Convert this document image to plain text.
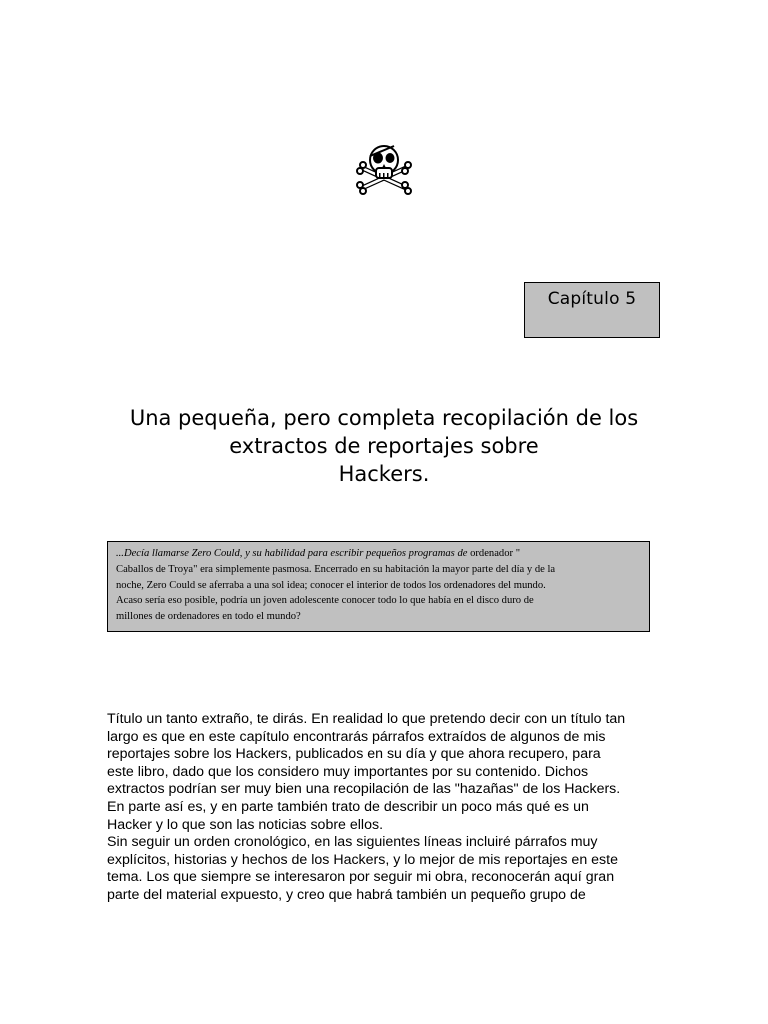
Capítulo 5
Una pequeña, pero completa recopilación de los
extractos de reportajes sobre
Hackers.
...Decía llamarse Zero Could, y su habilidad para escribir pequeños programas de ordenador "
Caballos de Troya" era simplemente pasmosa. Encerrado en su habitación la mayor parte del día y de la
noche, Zero Could se aferraba a una sol idea; conocer el interior de todos los ordenadores del mundo.
Acaso sería eso posible, podría un joven adolescente conocer todo lo que había en el disco duro de
millones de ordenadores en todo el mundo?
Título un tanto extraño, te dirás. En realidad lo que pretendo decir con un título tan
largo es que en este capítulo encontrarás párrafos extraídos de algunos de mis
reportajes sobre los Hackers, publicados en su día y que ahora recupero, para
este libro, dado que los considero muy importantes por su contenido. Dichos
extractos podrían ser muy bien una recopilación de las "hazañas" de los Hackers.
En parte así es, y en parte también trato de describir un poco más qué es un
Hacker y lo que son las noticias sobre ellos.
Sin seguir un orden cronológico, en las siguientes líneas incluiré párrafos muy
explícitos, historias y hechos de los Hackers, y lo mejor de mis reportajes en este
tema. Los que siempre se interesaron por seguir mi obra, reconocerán aquí gran
parte del material expuesto, y creo que habrá también un pequeño grupo de
